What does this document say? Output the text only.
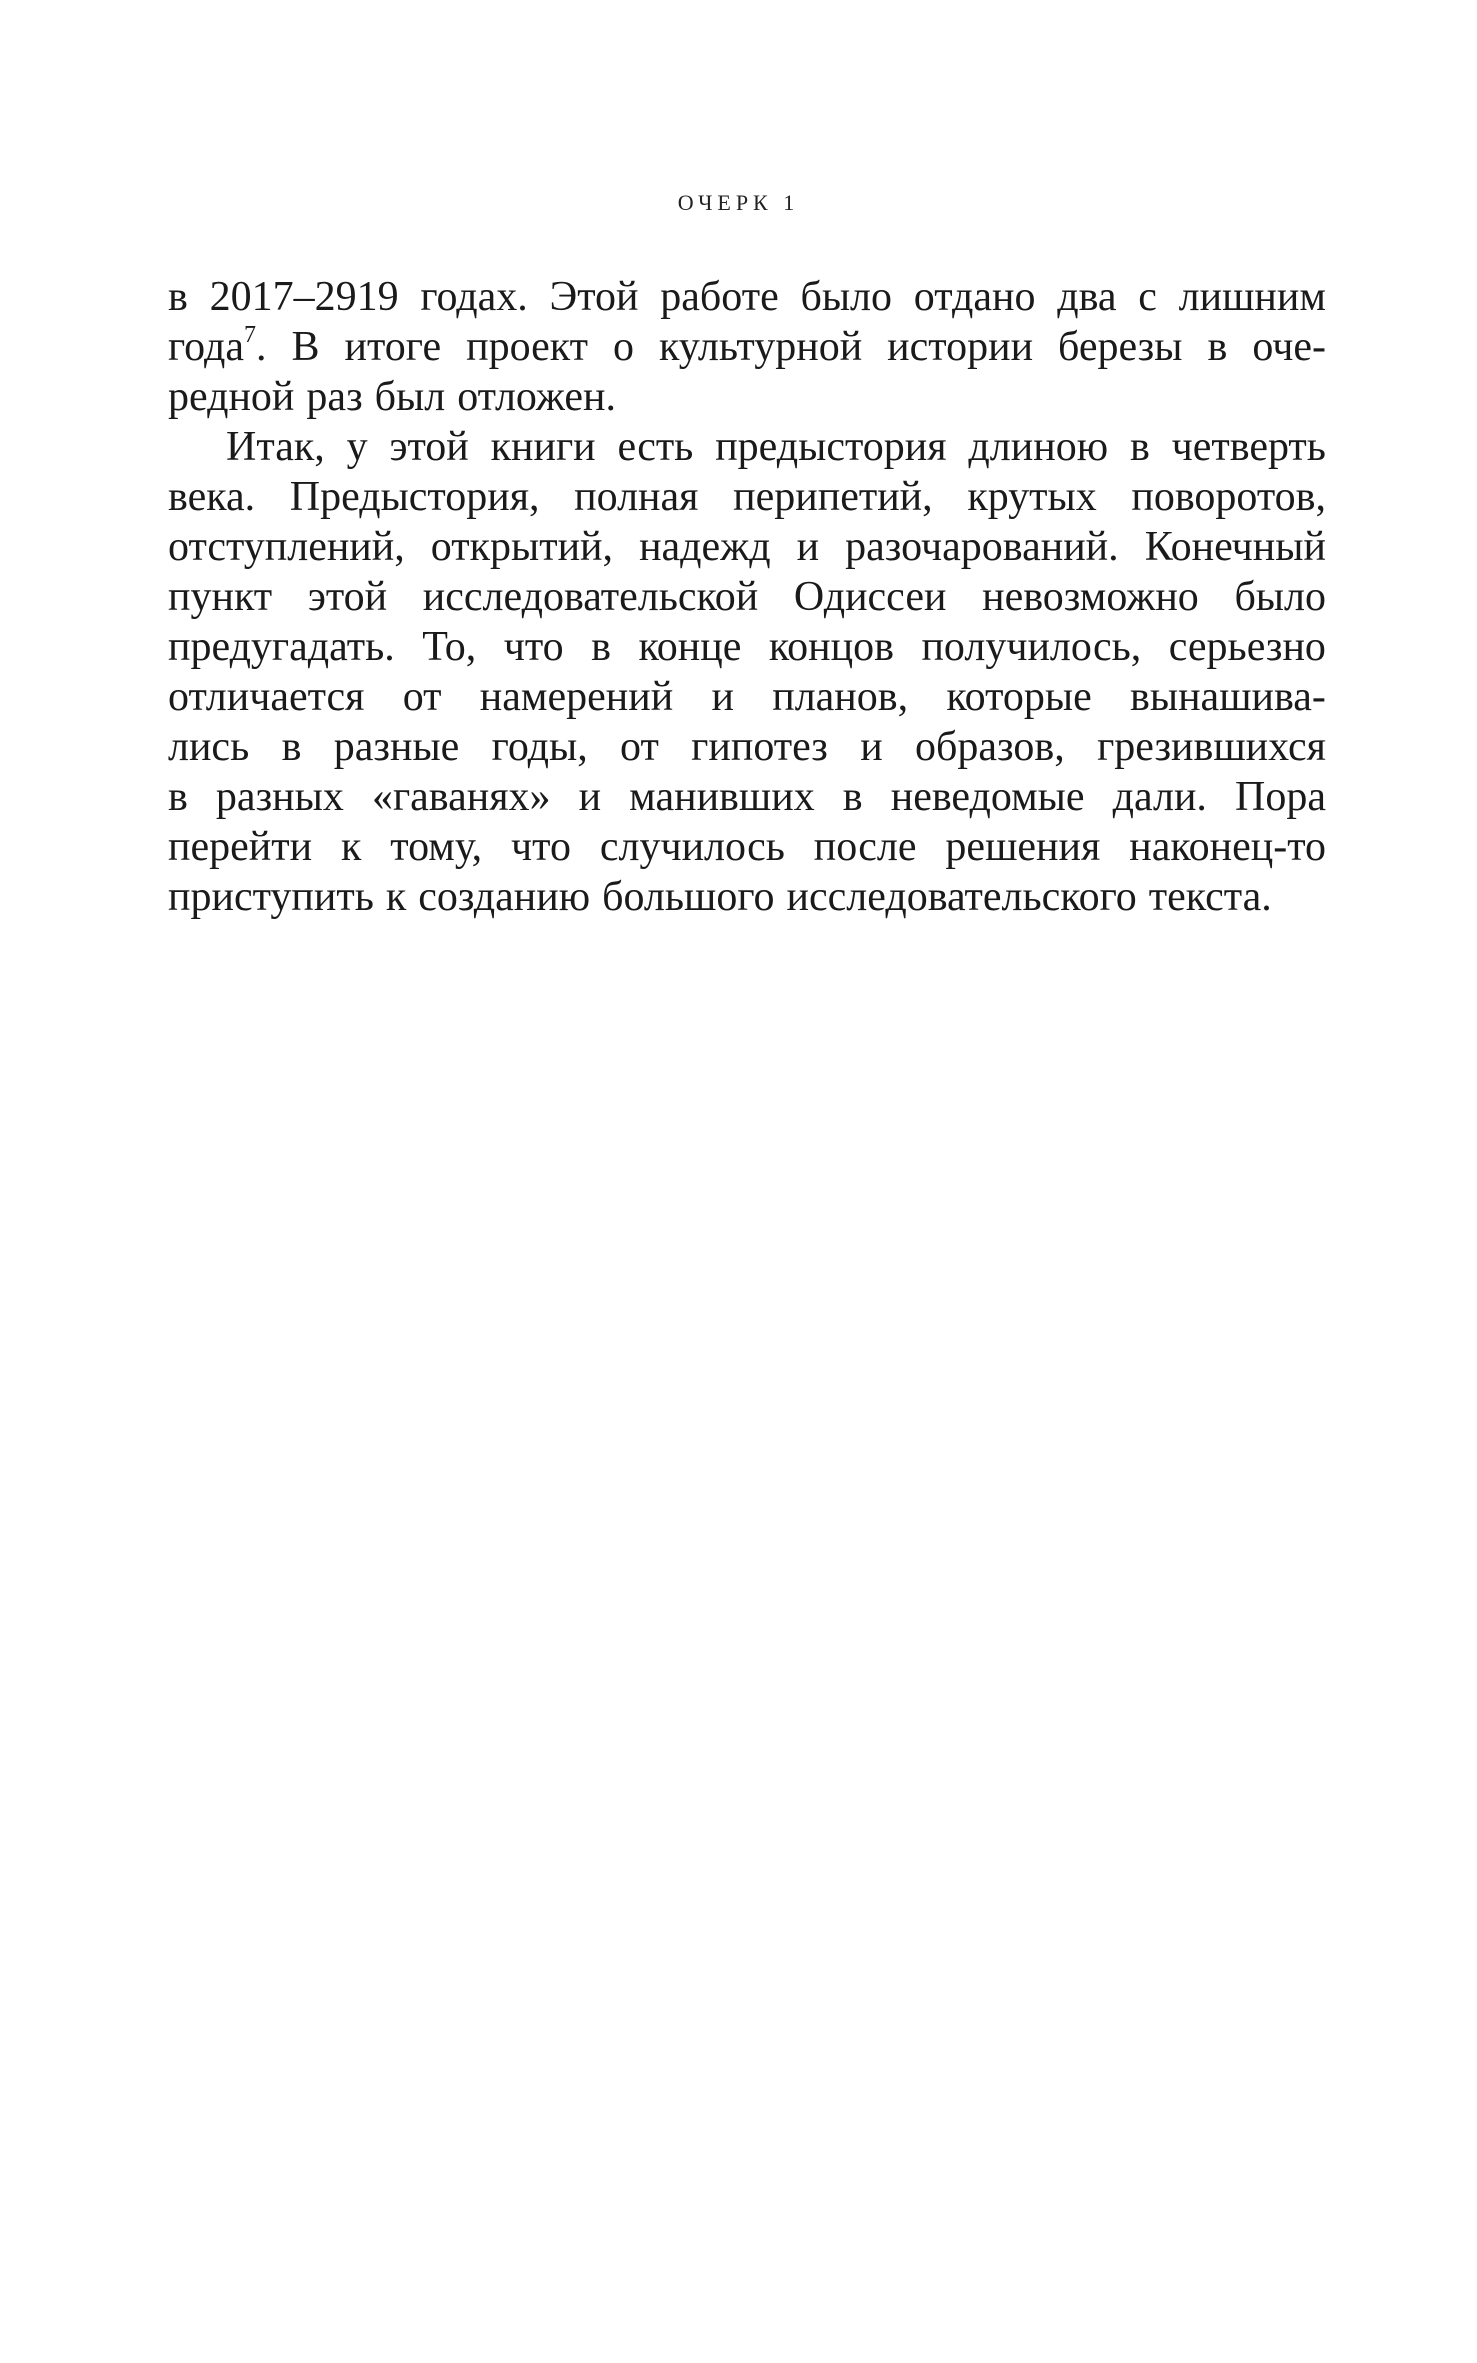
ОЧЕРК 1
в 2017–2919 годах. Этой работе было отдано два с лишним
года$^7$. В итоге проект о культурной истории березы в оче-
редной раз был отложен.
Итак, у этой книги есть предыстория длиною в четверть
века. Предыстория, полная перипетий, крутых поворотов,
отступлений, открытий, надежд и разочарований. Конечный
пункт этой исследовательской Одиссеи невозможно было
предугадать. То, что в конце концов получилось, серьезно
отличается от намерений и планов, которые вынашива-
лись в разные годы, от гипотез и образов, грезившихся
в разных «гаванях» и манивших в неведомые дали. Пора
перейти к тому, что случилось после решения наконец-то
приступить к созданию большого исследовательского текста.
